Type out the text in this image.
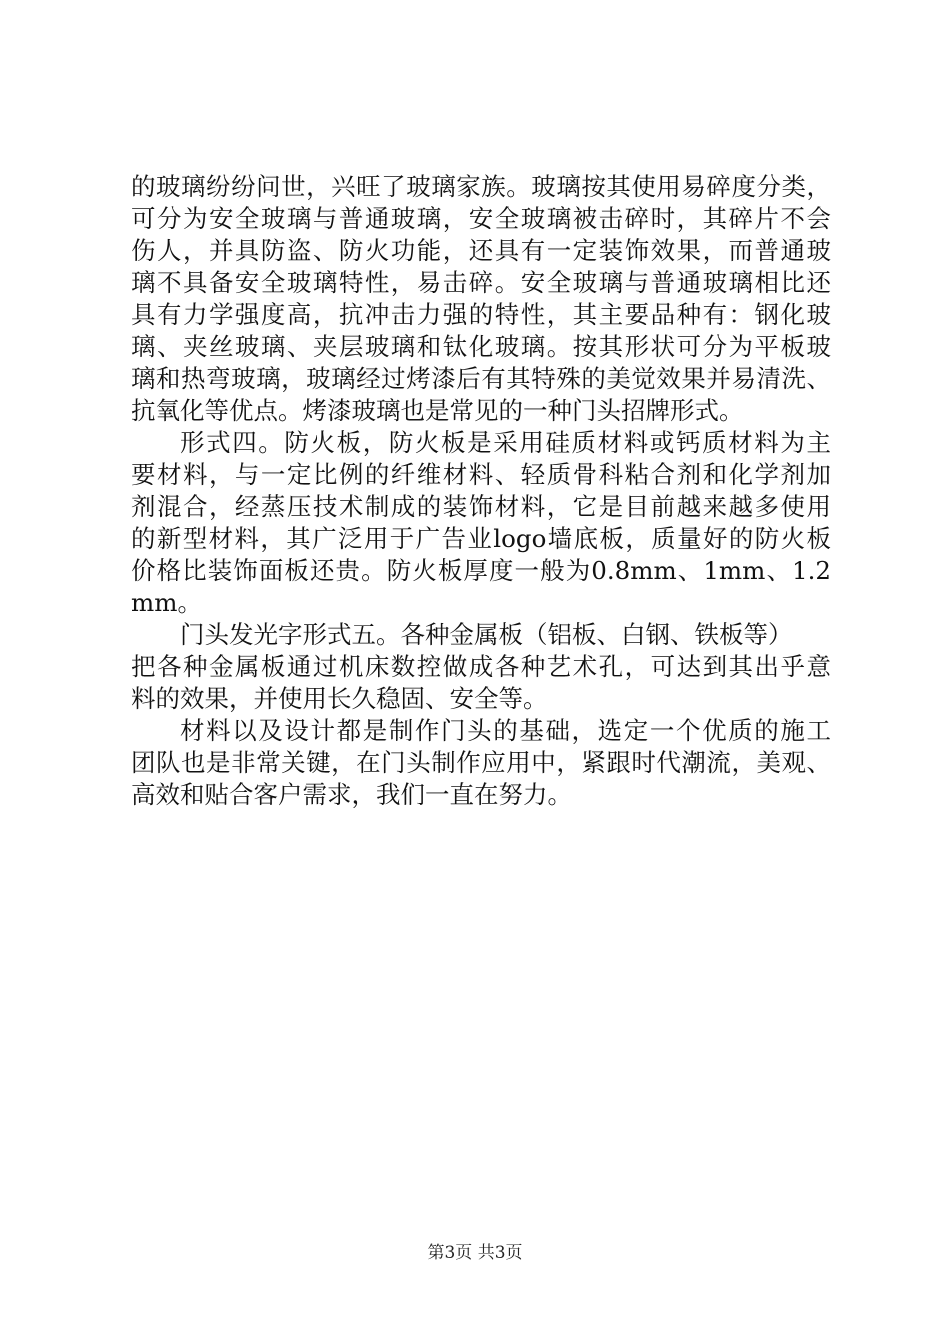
的玻璃纷纷问世，兴旺了玻璃家族。玻璃按其使用易碎度分类，
可分为安全玻璃与普通玻璃，安全玻璃被击碎时，其碎片不会
伤人，并具防盗、防火功能，还具有一定装饰效果，而普通玻
璃不具备安全玻璃特性，易击碎。安全玻璃与普通玻璃相比还
具有力学强度高，抗冲击力强的特性，其主要品种有：钢化玻
璃、夹丝玻璃、夹层玻璃和钛化玻璃。按其形状可分为平板玻
璃和热弯玻璃，玻璃经过烤漆后有其特殊的美觉效果并易清洗、
抗氧化等优点。烤漆玻璃也是常见的一种门头招牌形式。
形式四。防火板，防火板是采用硅质材料或钙质材料为主
要材料，与一定比例的纤维材料、轻质骨科粘合剂和化学剂加
剂混合，经蒸压技术制成的装饰材料，它是目前越来越多使用
的新型材料，其广泛用于广告业logo墙底板，质量好的防火板
价格比装饰面板还贵。防火板厚度一般为0.8mm、1mm、1.2
mm。
门头发光字形式五。各种金属板（铝板、白钢、铁板等）
把各种金属板通过机床数控做成各种艺术孔，可达到其出乎意
料的效果，并使用长久稳固、安全等。
材料以及设计都是制作门头的基础，选定一个优质的施工
团队也是非常关键，在门头制作应用中，紧跟时代潮流，美观、
高效和贴合客户需求，我们一直在努力。
第3页 共3页
